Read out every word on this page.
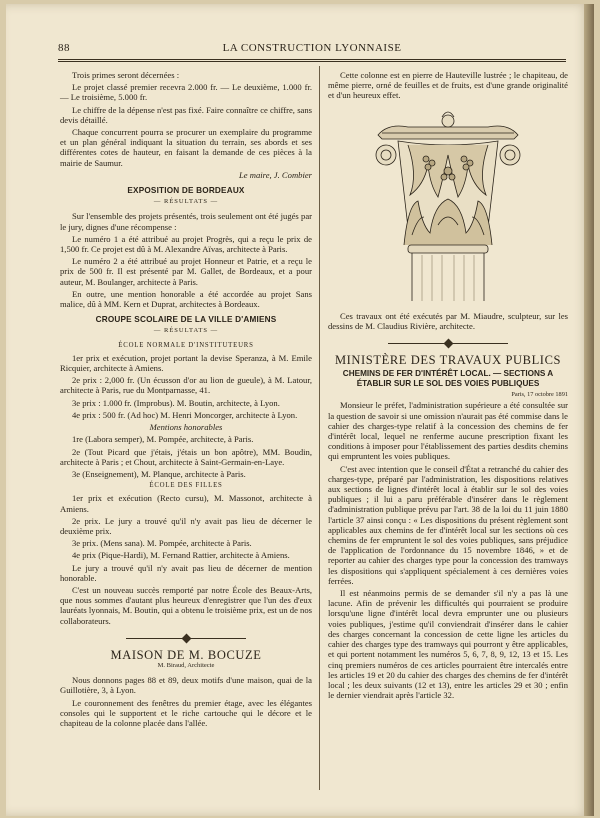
88	LA CONSTRUCTION LYONNAISE

Trois primes seront décernées :

Le projet classé premier recevra 2.000 fr. — Le deuxième, 1.000 fr. — Le troisième, 5.000 fr.

Le chiffre de la dépense n'est pas fixé. Faire connaître ce chiffre, sans devis détaillé.

Chaque concurrent pourra se procurer un exemplaire du programme et un plan général indiquant la situation du terrain, ses abords et ses différentes cotes de hauteur, en faisant la demande de ces pièces à la mairie de Saumur.

Le maire, J. Combier

EXPOSITION DE BORDEAUX
— RÉSULTATS —

Sur l'ensemble des projets présentés, trois seulement ont été jugés par le jury, dignes d'une récompense :

Le numéro 1 a été attribué au projet Progrès, qui a reçu le prix de 1,500 fr. Ce projet est dû à M. Alexandre Aïvas, architecte à Paris.

Le numéro 2 a été attribué au projet Honneur et Patrie, et a reçu le prix de 500 fr. Il est présenté par M. Gallet, de Bordeaux, et a pour auteur, M. Boulanger, architecte à Paris.

En outre, une mention honorable a été accordée au projet Sans malice, dû à MM. Kern et Duprat, architectes à Bordeaux.

CROUPE SCOLAIRE DE LA VILLE D'AMIENS
— RÉSULTATS —
ÉCOLE NORMALE D'INSTITUTEURS

1er prix et exécution, projet portant la devise Speranza, à M. Emile Ricquier, architecte à Amiens.

2e prix : 2,000 fr. (Un écusson d'or au lion de gueule), à M. Latour, architecte à Paris, rue du Montparnasse, 41.

3e prix : 1.000 fr. (Improbus). M. Boutin, architecte, à Lyon.

4e prix : 500 fr. (Ad hoc) M. Henri Moncorger, architecte à Lyon.

Mentions honorables

1re (Labora semper), M. Pompée, architecte, à Paris.

2e (Tout Picard que j'étais, j'étais un bon apôtre), MM. Boudin, architecte à Paris ; et Chout, architecte à Saint-Germain-en-Laye.

3e (Enseignement), M. Planque, architecte à Paris.

ÉCOLE DES FILLES

1er prix et exécution (Recto cursu), M. Massonot, architecte à Amiens.

2e prix. Le jury a trouvé qu'il n'y avait pas lieu de décerner le deuxième prix.

3e prix. (Mens sana). M. Pompée, architecte à Paris.

4e prix (Pique-Hardi), M. Fernand Rattier, architecte à Amiens.

Le jury a trouvé qu'il n'y avait pas lieu de décerner de mention honorable.

C'est un nouveau succès remporté par notre École des Beaux-Arts, que nous sommes d'autant plus heureux d'enregistrer que l'un des d'eux lauréats lyonnais, M. Boutin, qui a obtenu le troisième prix, est un de nos collaborateurs.

MAISON DE M. BOCUZE
M. Biraud, Architecte

Nous donnons pages 88 et 89, deux motifs d'une maison, quai de la Guillotière, 3, à Lyon.

Le couronnement des fenêtres du premier étage, avec les élégantes consoles qui le supportent et le riche cartouche qui le décore et le chapiteau de la colonne placée dans l'allée.

Cette colonne est en pierre de Hauteville lustrée ; le chapiteau, de même pierre, orné de feuilles et de fruits, est d'une grande originalité et d'un heureux effet.

Ces travaux ont été exécutés par M. Miaudre, sculpteur, sur les dessins de M. Claudius Rivière, architecte.

MINISTÈRE DES TRAVAUX PUBLICS
CHEMINS DE FER D'INTÉRÊT LOCAL. — SECTIONS A ÉTABLIR SUR LE SOL DES VOIES PUBLIQUES

Paris, 17 octobre 1891

Monsieur le préfet, l'administration supérieure a été consultée sur la question de savoir si une omission n'aurait pas été commise dans le cahier des charges-type relatif à la concession des chemins de fer d'intérêt local, lequel ne renferme aucune prescription fixant les conditions à imposer pour l'établissement des parties desdits chemins qui empruntent les voies publiques.

C'est avec intention que le conseil d'État a retranché du cahier des charges-type, préparé par l'administration, les dispositions relatives aux sections de lignes d'intérêt local à établir sur le sol des voies publiques ; il lui a paru préférable d'insérer dans le règlement d'administration publique prévu par l'art. 38 de la loi du 11 juin 1880 l'article 37 ainsi conçu : « Les dispositions du présent règlement sont applicables aux chemins de fer d'intérêt local sur les sections où ces chemins de fer empruntent le sol des voies publiques, sans préjudice de l'application de l'ordonnance du 15 novembre 1846, » et de reporter au cahier des charges type pour la concession des tramways les dispositions qui s'appliquent spécialement à ces dernières voies ferrées.

Il est néanmoins permis de se demander s'il n'y a pas là une lacune. Afin de prévenir les difficultés qui pourraient se produire lorsqu'une ligne d'intérêt local devra emprunter une ou plusieurs voies publiques, j'estime qu'il conviendrait d'insérer dans le cahier des charges concernant la concession de cette ligne les articles du cahier des charges type des tramways qui pourront y être applicables, et qui portent notamment les numéros 5, 6, 7, 8, 9, 12, 13 et 15. Les cinq premiers numéros de ces articles pourraient être intercalés entre les articles 19 et 20 du cahier des charges des chemins de fer d'intérêt local ; les deux suivants (12 et 13), entre les articles 29 et 30 ; enfin le dernier viendrait après l'article 32.
